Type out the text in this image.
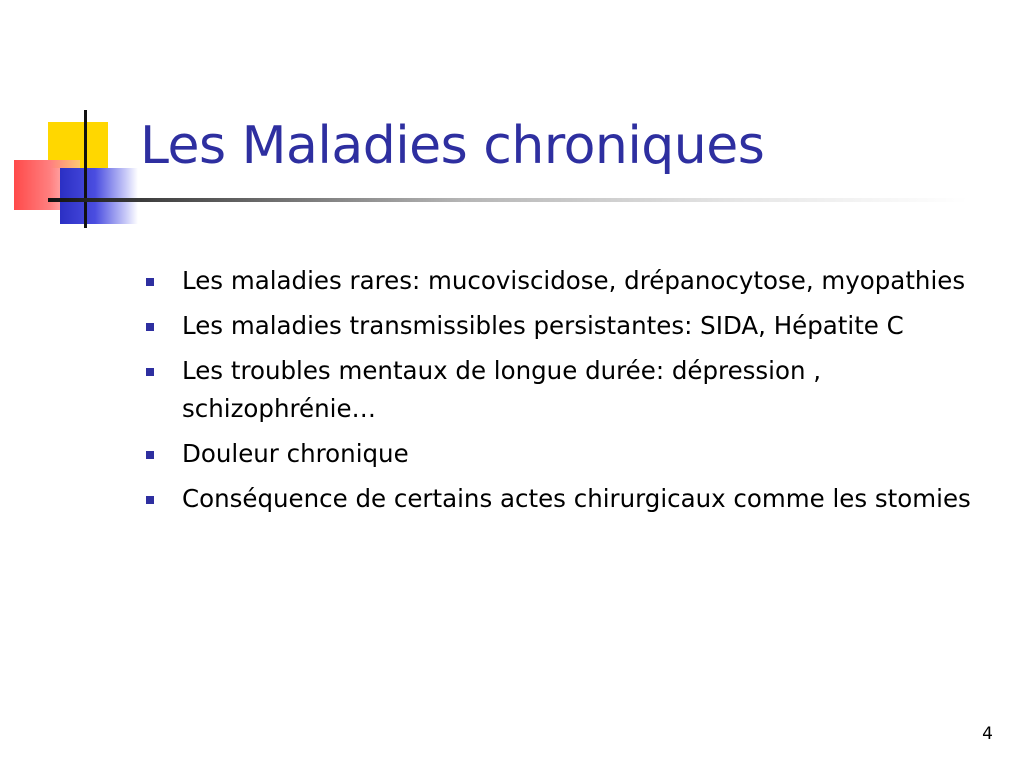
Les Maladies chroniques
Les maladies rares: mucoviscidose, drépanocytose, myopathies
Les maladies transmissibles persistantes: SIDA, Hépatite C
Les troubles mentaux de longue durée: dépression , schizophrénie…
Douleur chronique
Conséquence de certains actes chirurgicaux comme les stomies
4
